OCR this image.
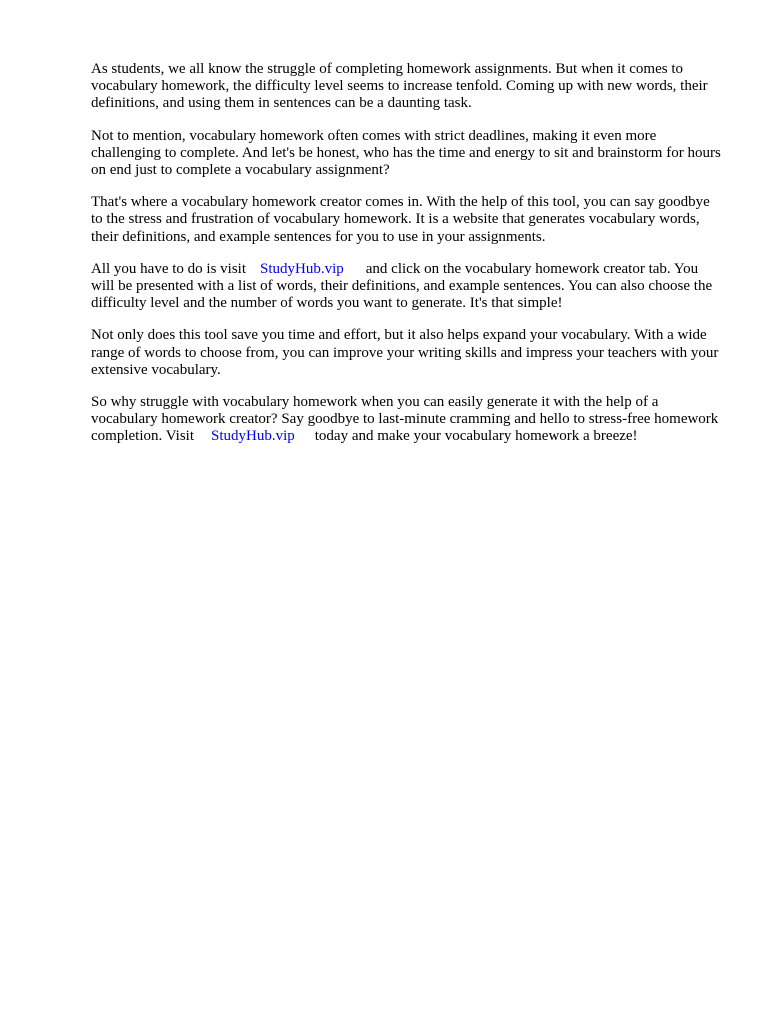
As students, we all know the struggle of completing homework assignments. But when it comes to vocabulary homework, the difficulty level seems to increase tenfold. Coming up with new words, their definitions, and using them in sentences can be a daunting task.

Not to mention, vocabulary homework often comes with strict deadlines, making it even more challenging to complete. And let's be honest, who has the time and energy to sit and brainstorm for hours on end just to complete a vocabulary assignment?

That's where a vocabulary homework creator comes in. With the help of this tool, you can say goodbye to the stress and frustration of vocabulary homework. It is a website that generates vocabulary words, their definitions, and example sentences for you to use in your assignments.

All you have to do is visit StudyHub.vip and click on the vocabulary homework creator tab. You will be presented with a list of words, their definitions, and example sentences. You can also choose the difficulty level and the number of words you want to generate. It's that simple!

Not only does this tool save you time and effort, but it also helps expand your vocabulary. With a wide range of words to choose from, you can improve your writing skills and impress your teachers with your extensive vocabulary.

So why struggle with vocabulary homework when you can easily generate it with the help of a vocabulary homework creator? Say goodbye to last-minute cramming and hello to stress-free homework completion. Visit StudyHub.vip today and make your vocabulary homework a breeze!
